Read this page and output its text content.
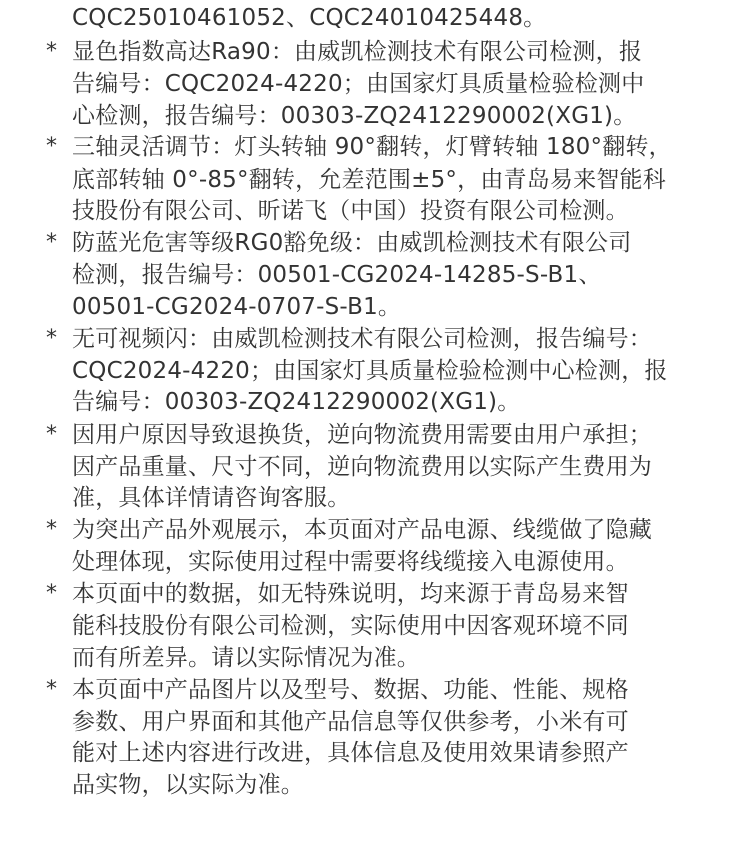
CQC25010461052、CQC24010425448。
* 显色指数高达Ra90：由威凯检测技术有限公司检测，报
告编号：CQC2024-4220；由国家灯具质量检验检测中
心检测，报告编号：00303-ZQ2412290002(XG1)。
* 三轴灵活调节：灯头转轴 90°翻转，灯臂转轴 180°翻转，
底部转轴 0°-85°翻转，允差范围±5°，由青岛易来智能科
技股份有限公司、昕诺飞（中国）投资有限公司检测。
* 防蓝光危害等级RG0豁免级：由威凯检测技术有限公司
检测，报告编号：00501-CG2024-14285-S-B1、
00501-CG2024-0707-S-B1。
* 无可视频闪：由威凯检测技术有限公司检测，报告编号：
CQC2024-4220；由国家灯具质量检验检测中心检测，报
告编号：00303-ZQ2412290002(XG1)。
* 因用户原因导致退换货，逆向物流费用需要由用户承担；
因产品重量、尺寸不同，逆向物流费用以实际产生费用为
准，具体详情请咨询客服。
* 为突出产品外观展示，本页面对产品电源、线缆做了隐藏
处理体现，实际使用过程中需要将线缆接入电源使用。
* 本页面中的数据，如无特殊说明，均来源于青岛易来智
能科技股份有限公司检测，实际使用中因客观环境不同
而有所差异。请以实际情况为准。
* 本页面中产品图片以及型号、数据、功能、性能、规格
参数、用户界面和其他产品信息等仅供参考，小米有可
能对上述内容进行改进，具体信息及使用效果请参照产
品实物，以实际为准。
